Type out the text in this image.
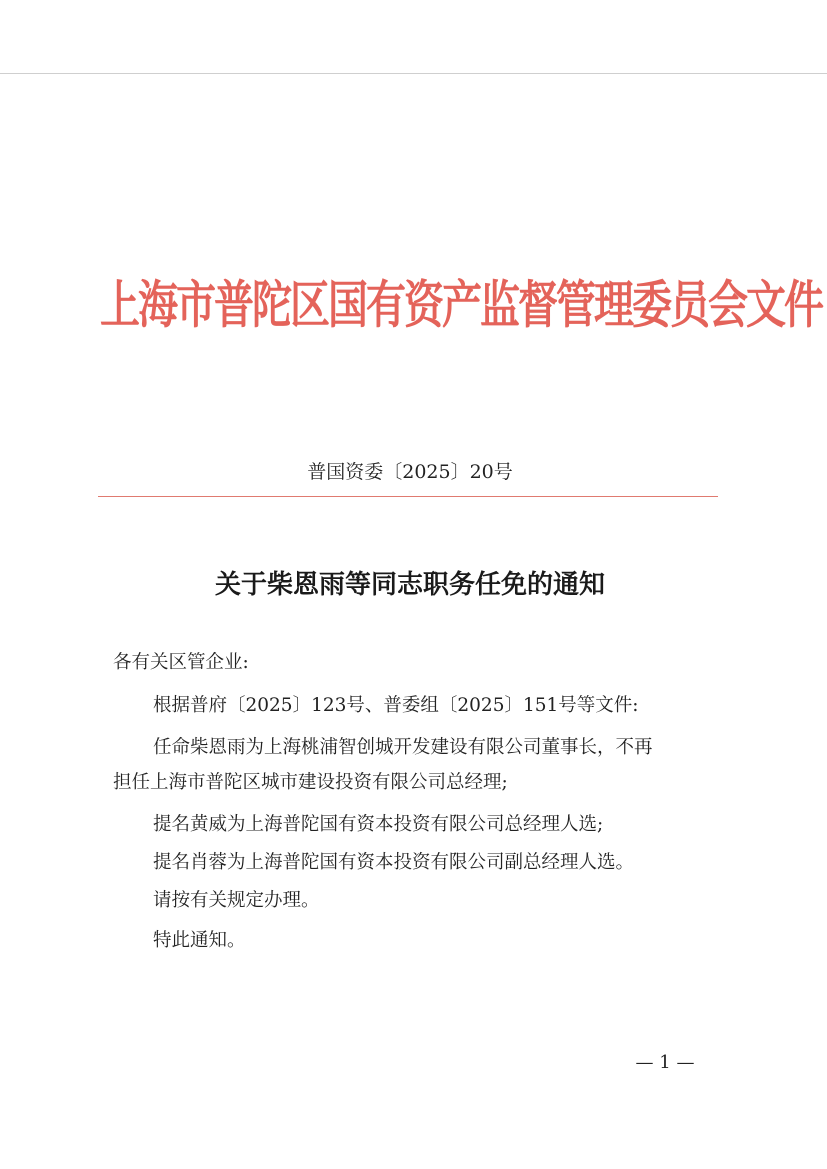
上海市普陀区国有资产监督管理委员会文件
普国资委〔2025〕20号
关于柴恩雨等同志职务任免的通知
各有关区管企业:
根据普府〔2025〕123号、普委组〔2025〕151号等文件:
任命柴恩雨为上海桃浦智创城开发建设有限公司董事长，不再
担任上海市普陀区城市建设投资有限公司总经理;
提名黄威为上海普陀国有资本投资有限公司总经理人选;
提名肖蓉为上海普陀国有资本投资有限公司副总经理人选。
请按有关规定办理。
特此通知。
— 1 —
